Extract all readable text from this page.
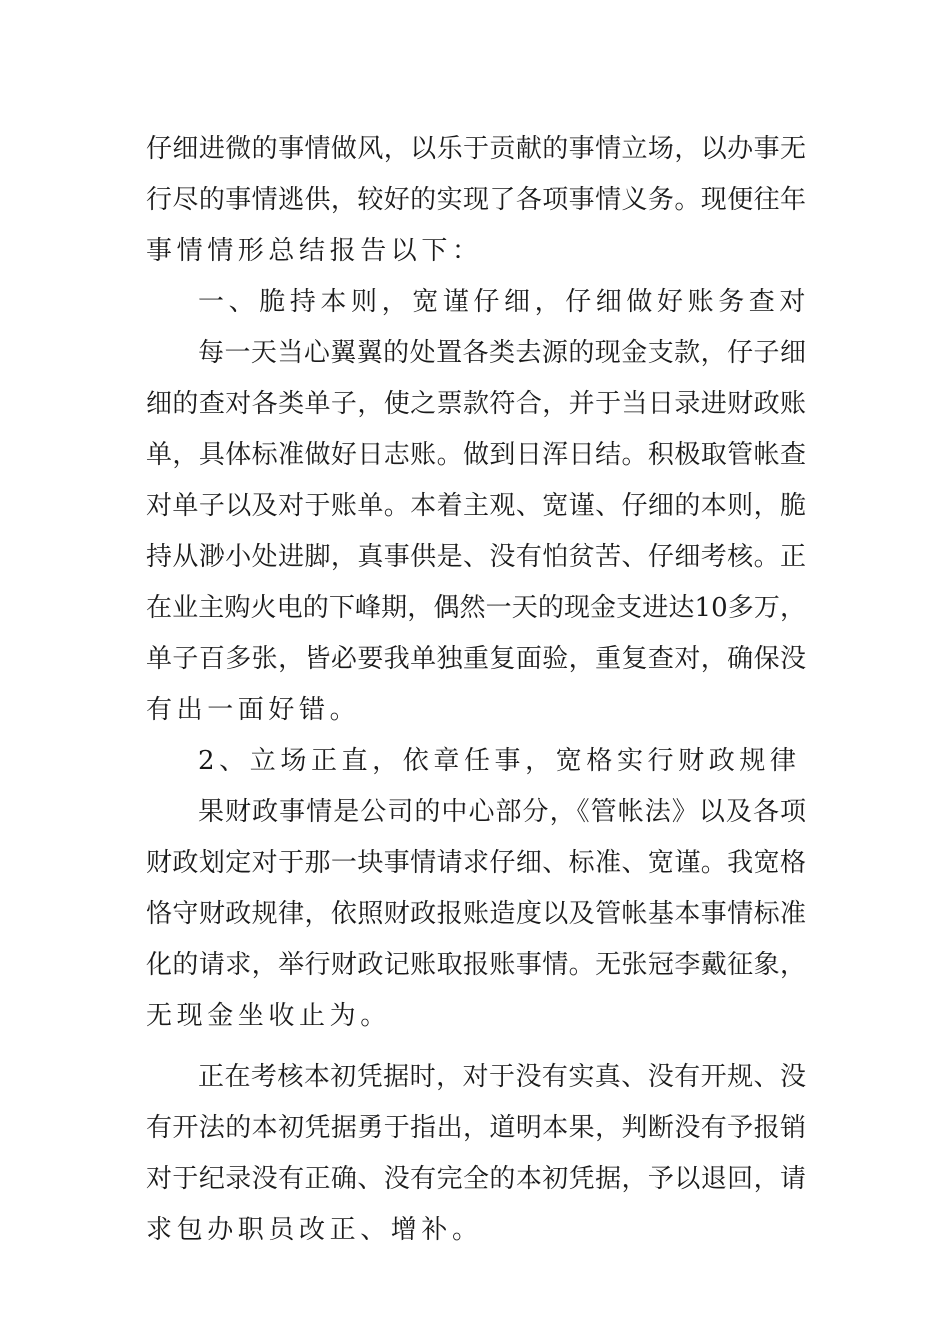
仔细进微的事情做风，以乐于贡献的事情立场，以办事无
行尽的事情逃供，较好的实现了各项事情义务。现便往年
事情情形总结报告以下：
一、脆持本则，宽谨仔细，仔细做好账务查对
每一天当心翼翼的处置各类去源的现金支款，仔子细
细的查对各类单子，使之票款符合，并于当日录进财政账
单，具体标准做好日志账。做到日浑日结。积极取管帐查
对单子以及对于账单。本着主观、宽谨、仔细的本则，脆
持从渺小处进脚，真事供是、没有怕贫苦、仔细考核。正
在业主购火电的下峰期，偶然一天的现金支进达10多万，
单子百多张，皆必要我单独重复面验，重复查对，确保没
有出一面好错。
2、立场正直，依章任事，宽格实行财政规律
果财政事情是公司的中心部分，《管帐法》以及各项
财政划定对于那一块事情请求仔细、标准、宽谨。我宽格
恪守财政规律，依照财政报账造度以及管帐基本事情标准
化的请求，举行财政记账取报账事情。无张冠李戴征象，
无现金坐收止为。
正在考核本初凭据时，对于没有实真、没有开规、没
有开法的本初凭据勇于指出，道明本果，判断没有予报销
对于纪录没有正确、没有完全的本初凭据，予以退回，请
求包办职员改正、增补。
